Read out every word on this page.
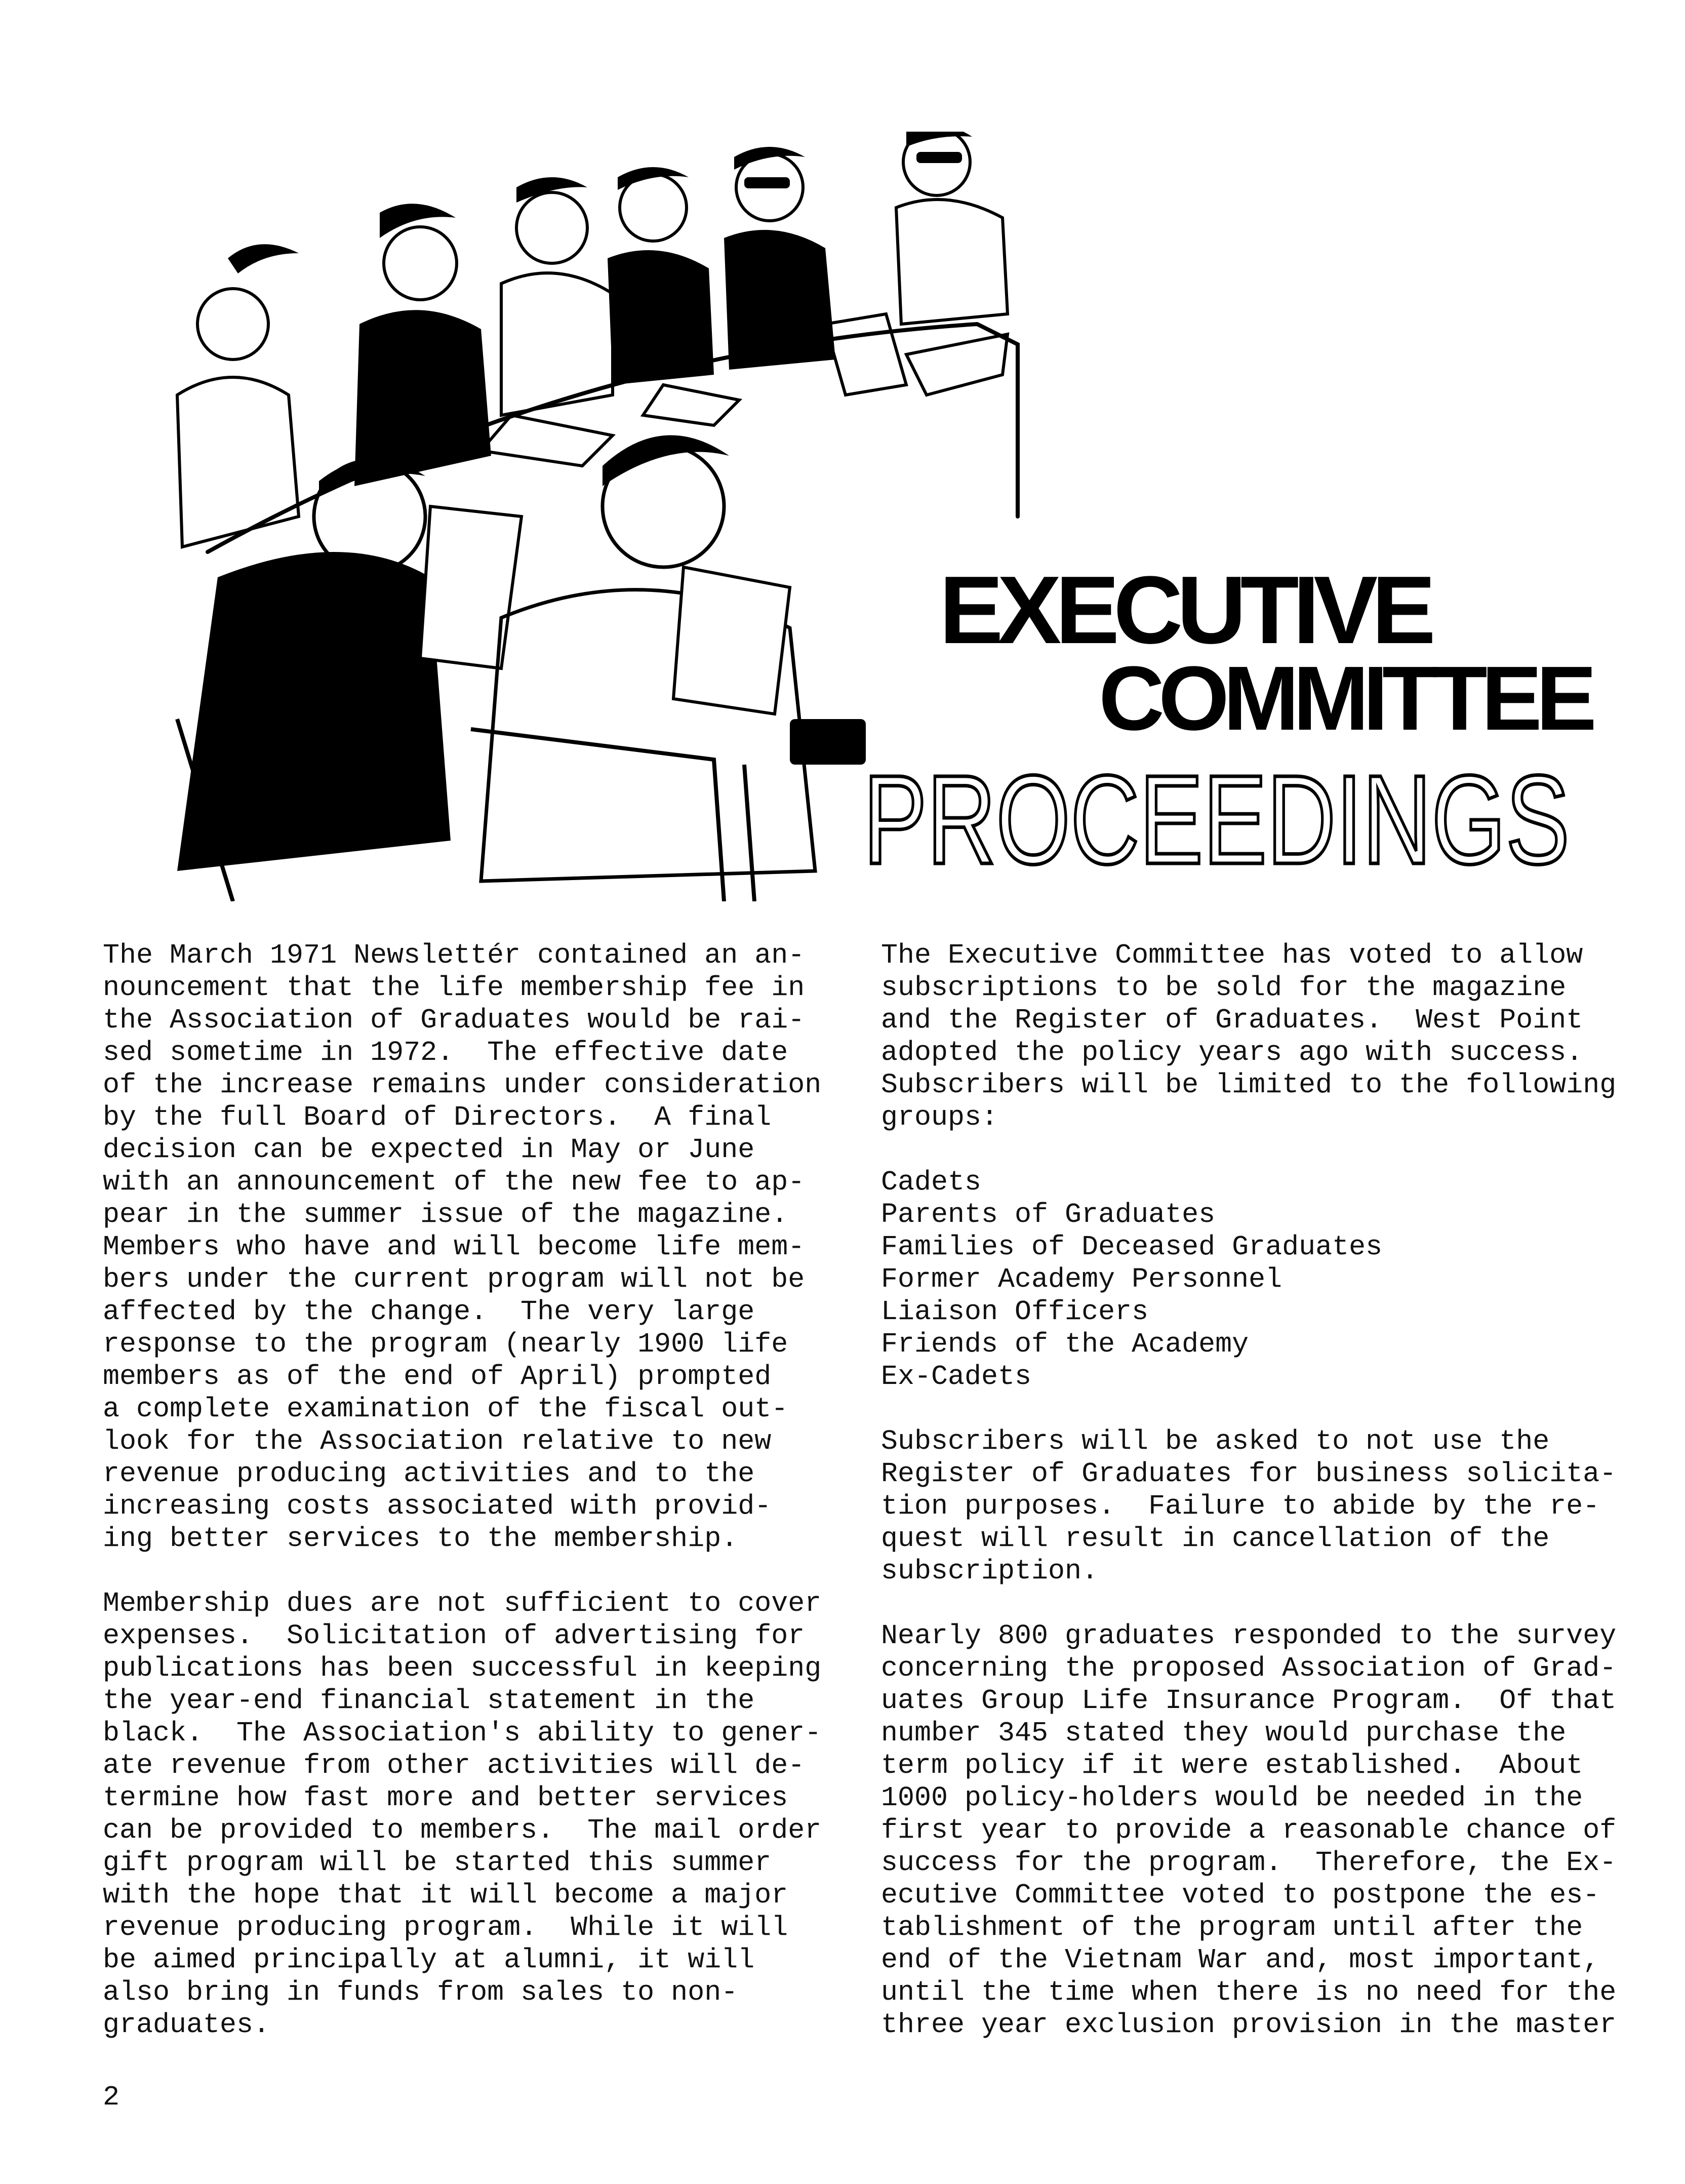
EXECUTIVE
COMMITTEE
PROCEEDINGS
The March 1971 Newslettér contained an an-
nouncement that the life membership fee in
the Association of Graduates would be rai-
sed sometime in 1972.  The effective date
of the increase remains under consideration
by the full Board of Directors.  A final
decision can be expected in May or June
with an announcement of the new fee to ap-
pear in the summer issue of the magazine.
Members who have and will become life mem-
bers under the current program will not be
affected by the change.  The very large
response to the program (nearly 1900 life
members as of the end of April) prompted
a complete examination of the fiscal out-
look for the Association relative to new
revenue producing activities and to the
increasing costs associated with provid-
ing better services to the membership.
Membership dues are not sufficient to cover
expenses.  Solicitation of advertising for
publications has been successful in keeping
the year-end financial statement in the
black.  The Association's ability to gener-
ate revenue from other activities will de-
termine how fast more and better services
can be provided to members.  The mail order
gift program will be started this summer
with the hope that it will become a major
revenue producing program.  While it will
be aimed principally at alumni, it will
also bring in funds from sales to non-
graduates.
The Executive Committee has voted to allow
subscriptions to be sold for the magazine
and the Register of Graduates.  West Point
adopted the policy years ago with success.
Subscribers will be limited to the following
groups:
Cadets
Parents of Graduates
Families of Deceased Graduates
Former Academy Personnel
Liaison Officers
Friends of the Academy
Ex-Cadets
Subscribers will be asked to not use the
Register of Graduates for business solicita-
tion purposes.  Failure to abide by the re-
quest will result in cancellation of the
subscription.
Nearly 800 graduates responded to the survey
concerning the proposed Association of Grad-
uates Group Life Insurance Program.  Of that
number 345 stated they would purchase the
term policy if it were established.  About
1000 policy-holders would be needed in the
first year to provide a reasonable chance of
success for the program.  Therefore, the Ex-
ecutive Committee voted to postpone the es-
tablishment of the program until after the
end of the Vietnam War and, most important,
until the time when there is no need for the
three year exclusion provision in the master
2
